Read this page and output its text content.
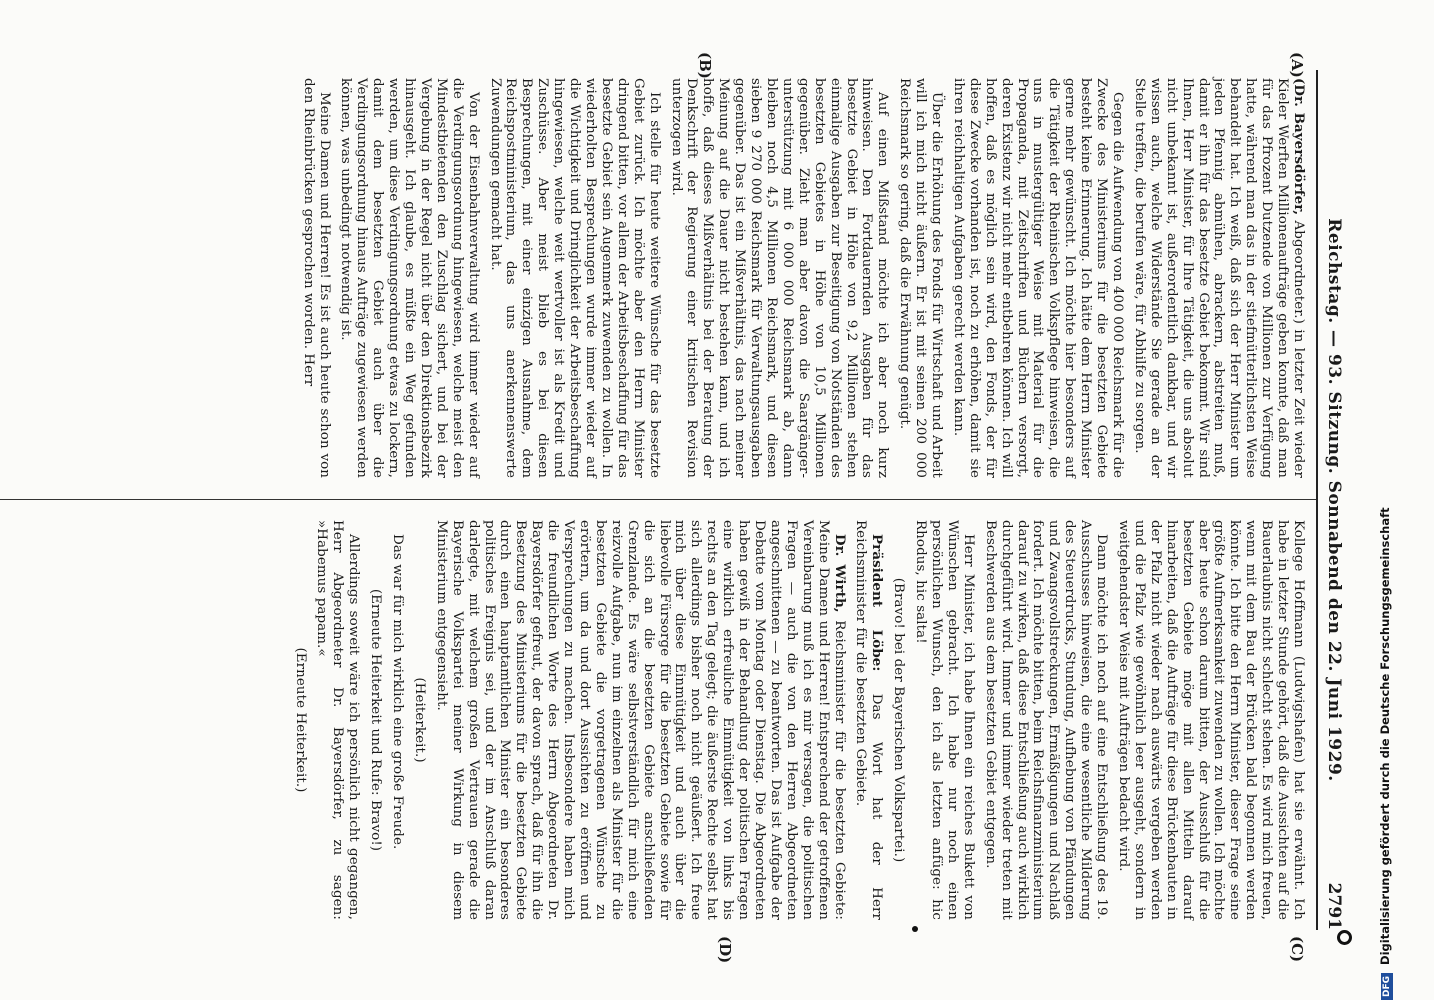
Reichstag. — 93. Sitzung. Sonnabend den 22. Juni 1929.
2791
(A)
(B)
(C)
(D)

(Dr. Bayersdörfer, Abgeordneter.) in letzter Zeit wieder Kieler Werften Millionenaufträge geben konnte, daß man für das Pfrozent Dutzende von Millionen zur Verfügung hatte, während man das in der stiefmütterlichsten Weise behandelt hat. Ich weiß, daß sich der Herr Minister um jeden Pfennig abmühen, abrackern, abstreiten muß, damit er ihn für das besetzte Gebiet bekommt. Wir sind Ihnen, Herr Minister, für Ihre Tätigkeit, die uns absolut nicht unbekannt ist, außerordentlich dankbar, und wir wissen auch, welche Widerstände Sie gerade an der Stelle treffen, die berufen wäre, für Abhilfe zu sorgen.

Gegen die Aufwendung von 400 000 Reichsmark für die Zwecke des Ministeriums für die besetzten Gebiete besteht keine Erinnerung. Ich hätte dem Herrn Minister gerne mehr gewünscht. Ich möchte hier besonders auf die Tätigkeit der Rheinischen Volkspflege hinweisen, die uns in mustergültiger Weise mit Material für die Propaganda, mit Zeitschriften und Büchern versorgt, deren Existenz wir nicht mehr entbehren können. Ich will hoffen, daß es möglich sein wird, den Fonds, der für diese Zwecke vorhanden ist, noch zu erhöhen, damit sie ihren reichhaltigen Aufgaben gerecht werden kann.

Über die Erhöhung des Fonds für Wirtschaft und Arbeit will ich mich nicht äußern. Er ist mit seinen 200 000 Reichsmark so gering, daß die Erwähnung genügt.

Auf einen Mißstand möchte ich aber noch kurz hinweisen. Den Fortdauernden Ausgaben für das besetzte Gebiet in Höhe von 9,2 Millionen stehen einmalige Ausgaben zur Beseitigung von Notständen des besetzten Gebietes in Höhe von 10,5 Millionen gegenüber. Zieht man aber davon die Saargänger-unterstützung mit 6 000 000 Reichsmark ab, dann bleiben noch 4,5 Millionen Reichsmark, und diesen sieben 9 270 000 Reichsmark für Verwaltungsausgaben gegenüber. Das ist ein Mißverhältnis, das nach meiner Meinung auf die Dauer nicht bestehen kann, und ich hoffe, daß dieses Mißverhältnis bei der Beratung der Denkschrift der Regierung einer kritischen Revision unterzogen wird.

Ich stelle für heute weitere Wünsche für das besetzte Gebiet zurück. Ich möchte aber den Herrn Minister dringend bitten, vor allem der Arbeitsbeschaffung für das besetzte Gebiet sein Augenmerk zuwenden zu wollen. In wiederholten Besprechungen wurde immer wieder auf die Wichtigkeit und Dringlichkeit der Arbeitsbeschaffung hingewiesen, welche weit wertvoller ist als Kredit und Zuschüsse. Aber meist blieb es bei diesen Besprechungen, mit einer einzigen Ausnahme, dem Reichspostministerium, das uns anerkennenswerte Zuwendungen gemacht hat.

Von der Eisenbahnverwaltung wird immer wieder auf die Verdingungsordnung hingewiesen, welche meist den Mindestbietenden den Zuschlag sichert, und bei der Vergebung in der Regel nicht über den Direktionsbezirk hinausgeht. Ich glaube, es müßte ein Weg gefunden werden, um diese Verdingungsordnung etwas zu lockern, damit dem besetzten Gebiet auch über die Verdingungsordnung hinaus Aufträge zugewiesen werden können, was unbedingt notwendig ist.

Meine Damen und Herren! Es ist auch heute schon von den Rheinbrücken gesprochen worden. Herr

Kollege Hoffmann (Ludwigshafen) hat sie erwähnt. Ich habe in letzter Stunde gehört, daß die Aussichten auf die Bauerlaubnis nicht schlecht stehen. Es wird mich freuen, wenn mit dem Bau der Brücken bald begonnen werden könnte. Ich bitte den Herrn Minister, dieser Frage seine größte Aufmerksamkeit zuwenden zu wollen. Ich möchte aber heute schon darum bitten, der Ausschluß für die besetzten Gebiete möge mit allen Mitteln darauf hinarbeiten, daß die Aufträge für diese Brückenbauten in der Pfalz nicht wieder nach auswärts vergeben werden und die Pfalz wie gewöhnlich leer ausgeht, sondern in weitgehendster Weise mit Aufträgen bedacht wird.

Dann möchte ich noch auf eine Entschließung des 19. Ausschusses hinweisen, die eine wesentliche Milderung des Steuerdrucks, Stundung, Aufhebung von Pfändungen und Zwangsvollstreckungen, Ermäßigungen und Nachlaß fordert. Ich möchte bitten, beim Reichsfinanzministerium darauf zu wirken, daß diese Entschließung auch wirklich durchgeführt wird. Immer und immer wieder treten mit Beschwerden aus dem besetzten Gebiet entgegen.

Herr Minister, ich habe Ihnen ein reiches Bukett von Wünschen gebracht. Ich habe nur noch einen persönlichen Wunsch, den ich als letzten anfüge: hic Rhodus, hic salta!

(Bravo! bei der Bayerischen Volkspartei.)

Präsident Löbe: Das Wort hat der Herr Reichsminister für die besetzten Gebiete.

Dr. Wirth, Reichsminister für die besetzten Gebiete: Meine Damen und Herren! Entsprechend der getroffenen Vereinbarung muß ich es mir versagen, die politischen Fragen — auch die von den Herren Abgeordneten angeschnittenen — zu beantworten. Das ist Aufgabe der Debatte vom Montag oder Dienstag. Die Abgeordneten haben gewiß in der Behandlung der politischen Fragen eine wirklich erfreuliche Einmütigkeit von links bis rechts an den Tag gelegt; die äußerste Rechte selbst hat sich allerdings bisher noch nicht geäußert. Ich freue mich über diese Einmütigkeit und auch über die liebevolle Fürsorge für die besetzten Gebiete sowie für die sich an die besetzten Gebiete anschließenden Grenzlande. Es wäre selbstverständlich für mich eine reizvolle Aufgabe, nun im einzelnen als Minister für die besetzten Gebiete die vorgetragenen Wünsche zu erörtern, um da und dort Aussichten zu eröffnen und Versprechungen zu machen. Insbesondere haben mich die freundlichen Worte des Herrn Abgeordneten Dr. Bayersdörfer gefreut, der davon sprach, daß für ihn die Besetzung des Ministeriums für die besetzten Gebiete durch einen hauptamtlichen Minister ein besonderes politisches Ereignis sei, und der im Anschluß daran darlegte, mit welchem großen Vertrauen gerade die Bayerische Volkspartei meiner Wirkung in diesem Ministerium entgegensieht.

(Heiterkeit.)

Das war für mich wirklich eine große Freude.

(Erneute Heiterkeit und Rufe: Bravo!)

Allerdings soweit wäre ich persönlich nicht gegangen, Herr Abgeordneter Dr. Bayersdörfer, zu sagen: »Habemus papam.«

(Erneute Heiterkeit.)

DFG Digitalisierung gefördert durch die Deutsche Forschungsgemeinschaft
